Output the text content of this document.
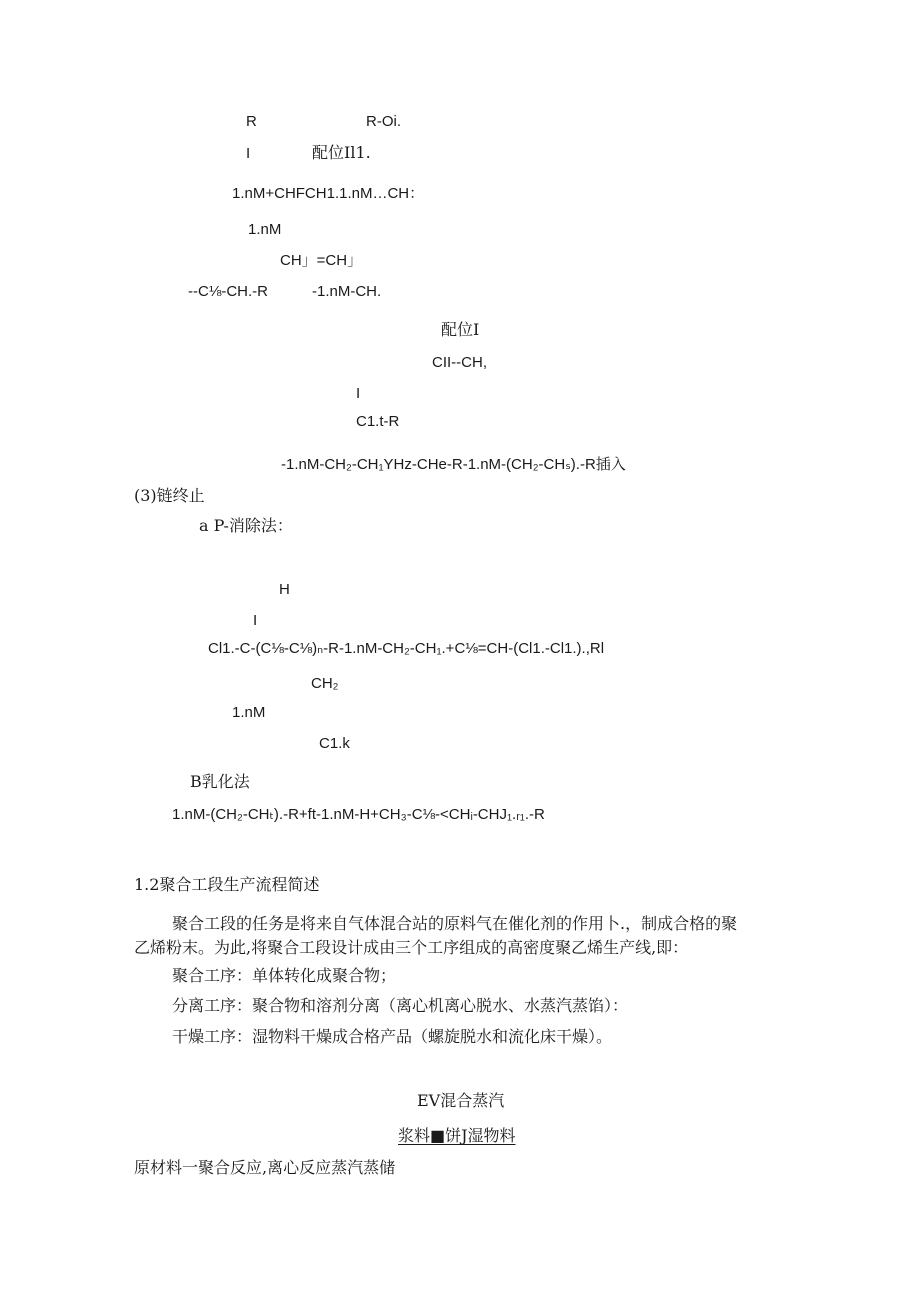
R	R-Oi.
I	配位Il1.
1.nM+CHFCH1.1.nM…CH：
1.nM
CH」=CH」
--C⅛-CH.-R	-1.nM-CH.
配位I
CII--CH,
I
C1.t-R
-1.nM-CH₂-CH₁YHz-CHe-R-1.nM-(CH₂-CHₛ).-R插入
(3)链终止
a P-消除法：
H
I
Cl1.-C-(C⅛-C⅛)ₙ-R-1.nM-CH₂-CH₁.+C⅛=CH-(Cl1.-Cl1.).,Rl
CH₂
1.nM
C1.k
B乳化法
1.nM-(CH₂-CHₜ).-R+ft-1.nM-H+CH₃-C⅛-<CHᵢ-CHJ₁.ᵣ₁.-R
1.2聚合工段生产流程简述
聚合工段的任务是将来自气体混合站的原料气在催化剂的作用卜.，制成合格的聚
乙烯粉末。为此,将聚合工段设计成由三个工序组成的高密度聚乙烯生产线,即：
聚合工序：单体转化成聚合物；
分离工序：聚合物和溶剂分离（离心机离心脱水、水蒸汽蒸馅）：
干燥工序：湿物料干燥成合格产品（螺旋脱水和流化床干燥）。
EV混合蒸汽
浆料■饼J湿物料
原材料一聚合反应,离心反应蒸汽蒸储
